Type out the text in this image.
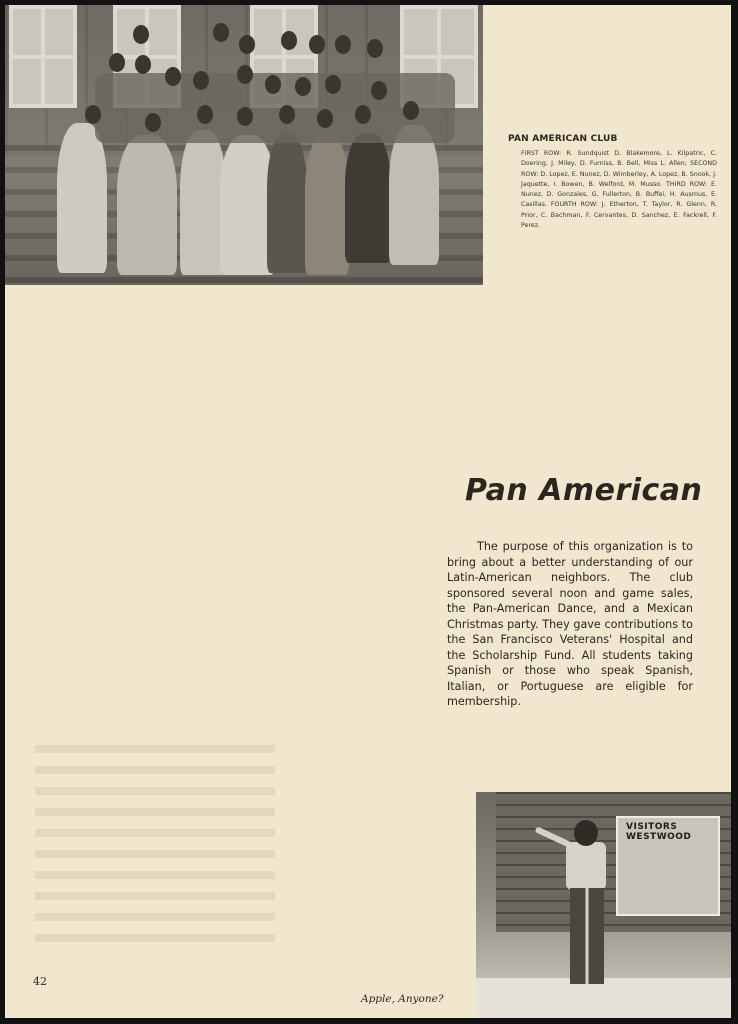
PAN AMERICAN CLUB
FIRST ROW: R. Sundquist D. Blakemore, L. Kilpatric, C. Doering, J. Miley, D. Furniss, B. Bell, Miss L. Allen; SECOND ROW: D. Lopez, E. Nunez, D. Wimberley, A. Lopez, B. Snook, J. Jaquette, I. Bowen, B. Welford, M. Musso. THIRD ROW: E. Nunez, D. Gonzales, G. Fullerton, B. Buffei, H. Ausmus, E. Casillas. FOURTH ROW: J. Etherton, T. Taylor, R. Glenn, R. Prior, C. Bachman, F. Cervantes, D. Sanchez, E. Fackrell, F. Perez.
Pan American
The purpose of this organization is to bring about a better understanding of our Latin-American neighbors. The club sponsored several noon and game sales, the Pan-American Dance, and a Mexican Christmas party. They gave contributions to the San Francisco Veterans' Hospital and the Scholarship Fund. All students taking Spanish or those who speak Spanish, Italian, or Portuguese are eligible for membership.
VISITORS WESTWOOD
42
Apple, Anyone?
